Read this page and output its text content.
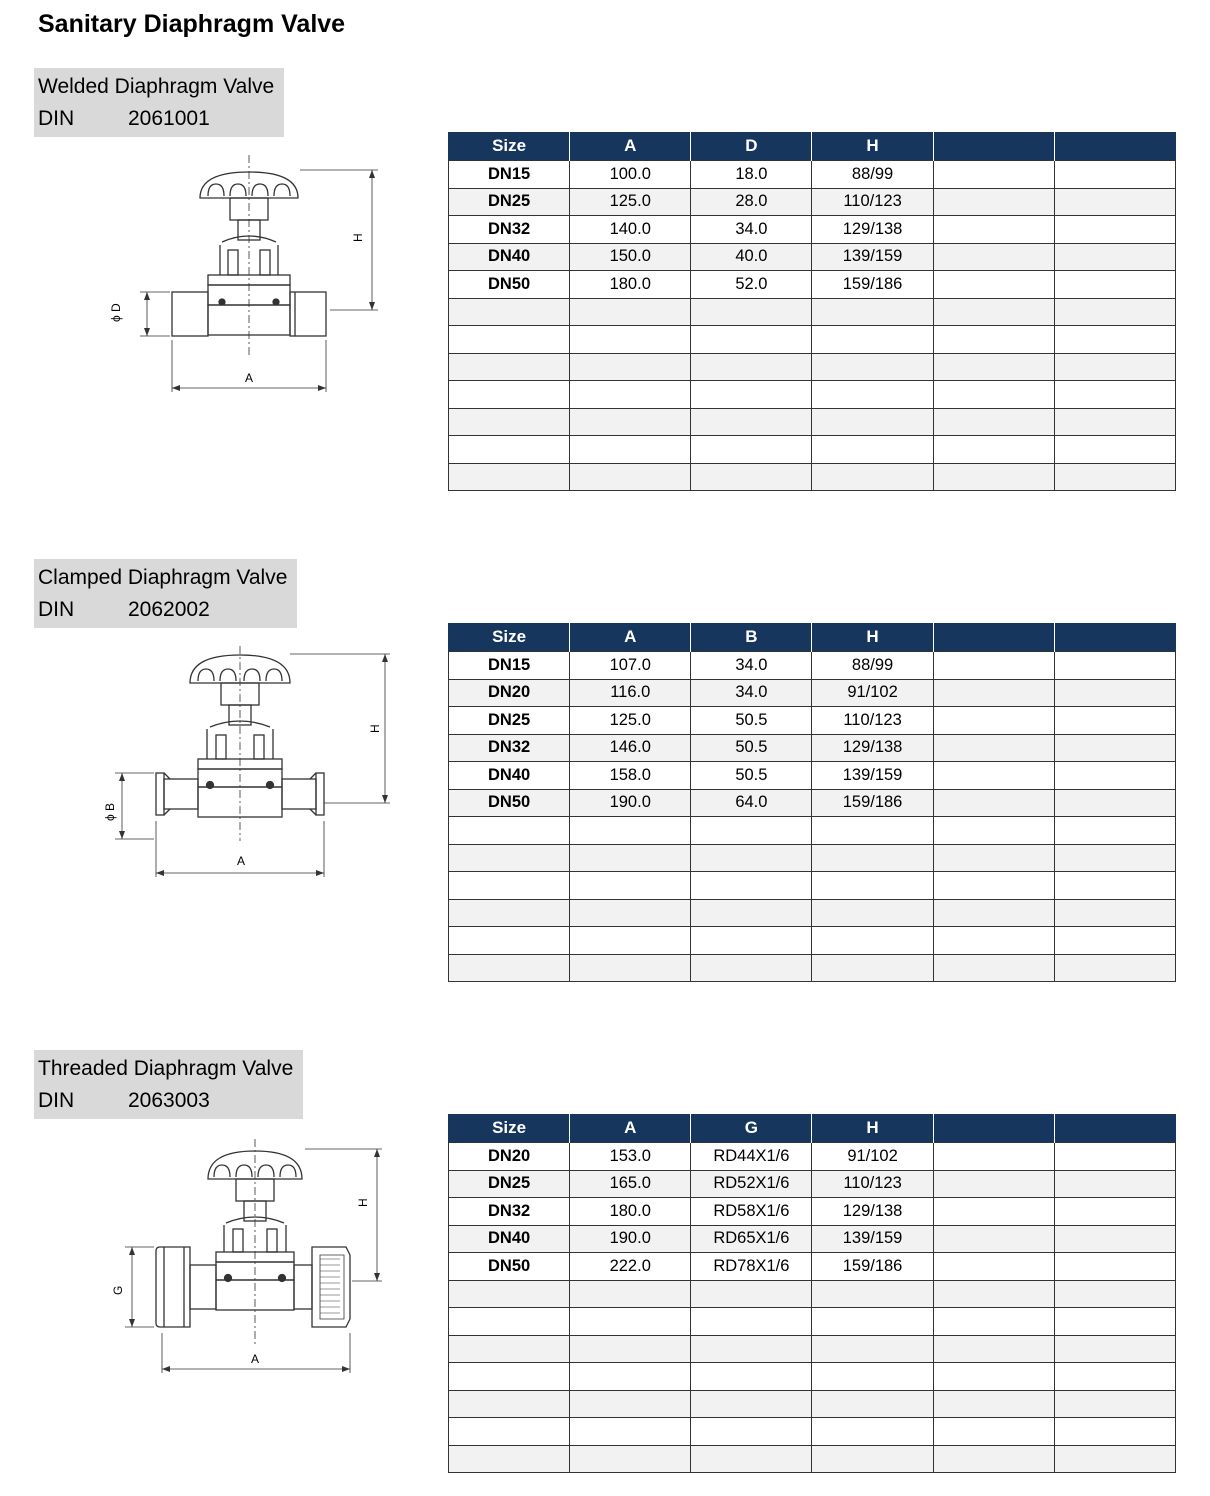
Sanitary Diaphragm Valve
Welded Diaphragm Valve
DIN	2061001
H
ϕ D
A
Size	A	D	H		
DN15	100.0	18.0	88/99		
DN25	125.0	28.0	110/123		
DN32	140.0	34.0	129/138		
DN40	150.0	40.0	139/159		
DN50	180.0	52.0	159/186		

Clamped Diaphragm Valve
DIN	2062002
H
ϕ B
A
Size	A	B	H		
DN15	107.0	34.0	88/99		
DN20	116.0	34.0	91/102		
DN25	125.0	50.5	110/123		
DN32	146.0	50.5	129/138		
DN40	158.0	50.5	139/159		
DN50	190.0	64.0	159/186		

Threaded Diaphragm Valve
DIN	2063003
H
G
A
Size	A	G	H		
DN20	153.0	RD44X1/6	91/102		
DN25	165.0	RD52X1/6	110/123		
DN32	180.0	RD58X1/6	129/138		
DN40	190.0	RD65X1/6	139/159		
DN50	222.0	RD78X1/6	159/186		
